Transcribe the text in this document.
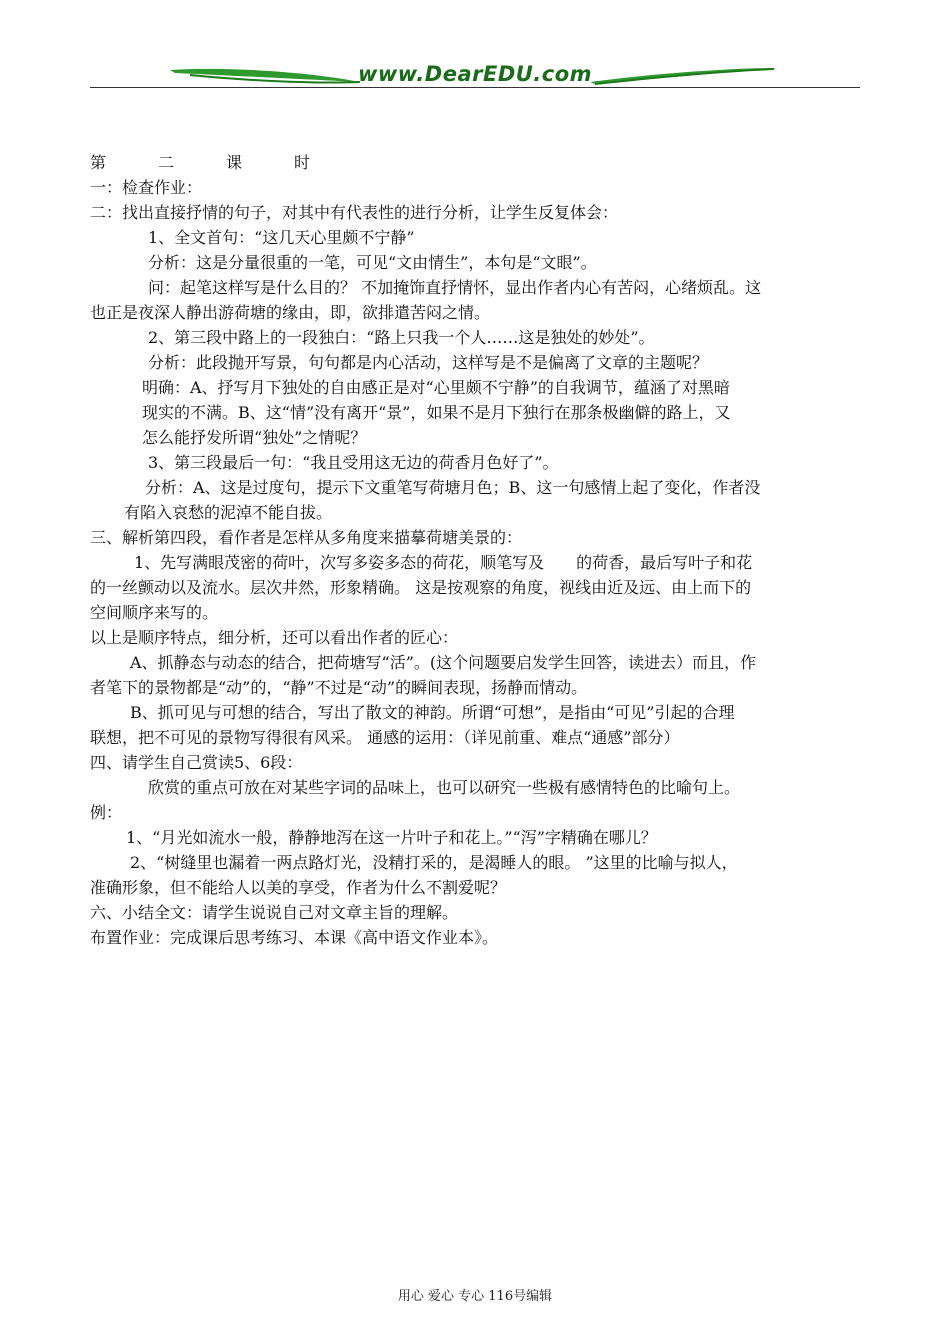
www.DearEDU.com
第	二	课	时
一：检查作业：
二：找出直接抒情的句子，对其中有代表性的进行分析，让学生反复体会：
1、全文首句：“这几天心里颇不宁静”
分析：这是分量很重的一笔，可见“文由情生”，本句是“文眼”。
问：起笔这样写是什么目的？ 不加掩饰直抒情怀，显出作者内心有苦闷，心绪烦乱。这
也正是夜深人静出游荷塘的缘由，即，欲排遣苦闷之情。
2、第三段中路上的一段独白：“路上只我一个人……这是独处的妙处”。
分析：此段抛开写景，句句都是内心活动，这样写是不是偏离了文章的主题呢？
明确：A、抒写月下独处的自由感正是对“心里颇不宁静”的自我调节，蕴涵了对黑暗
现实的不满。B、这“情”没有离开“景”，如果不是月下独行在那条极幽僻的路上，又
怎么能抒发所谓“独处”之情呢？
3、第三段最后一句：“我且受用这无边的荷香月色好了”。
分析：A、这是过度句，提示下文重笔写荷塘月色；B、这一句感情上起了变化，作者没
有陷入哀愁的泥淖不能自拔。
三、解析第四段，看作者是怎样从多角度来描摹荷塘美景的：
1、先写满眼茂密的荷叶，次写多姿多态的荷花，顺笔写及　　的荷香，最后写叶子和花
的一丝颤动以及流水。层次井然，形象精确。 这是按观察的角度，视线由近及远、由上而下的
空间顺序来写的。
以上是顺序特点，细分析，还可以看出作者的匠心：
A、抓静态与动态的结合，把荷塘写“活”。(这个问题要启发学生回答，读进去）而且，作
者笔下的景物都是“动”的，“静”不过是“动”的瞬间表现，扬静而情动。
B、抓可见与可想的结合，写出了散文的神韵。所谓“可想”，是指由“可见”引起的合理
联想，把不可见的景物写得很有风采。 通感的运用：（详见前重、难点“通感”部分）
四、请学生自己赏读5、6段：
欣赏的重点可放在对某些字词的品味上，也可以研究一些极有感情特色的比喻句上。
例：
1、“月光如流水一般，静静地泻在这一片叶子和花上。”“泻”字精确在哪儿？
2、“树缝里也漏着一两点路灯光，没精打采的，是渴睡人的眼。 ”这里的比喻与拟人，
准确形象，但不能给人以美的享受，作者为什么不割爱呢？
六、小结全文：请学生说说自己对文章主旨的理解。
布置作业：完成课后思考练习、本课《高中语文作业本》。
用心 爱心 专心 116号编辑
